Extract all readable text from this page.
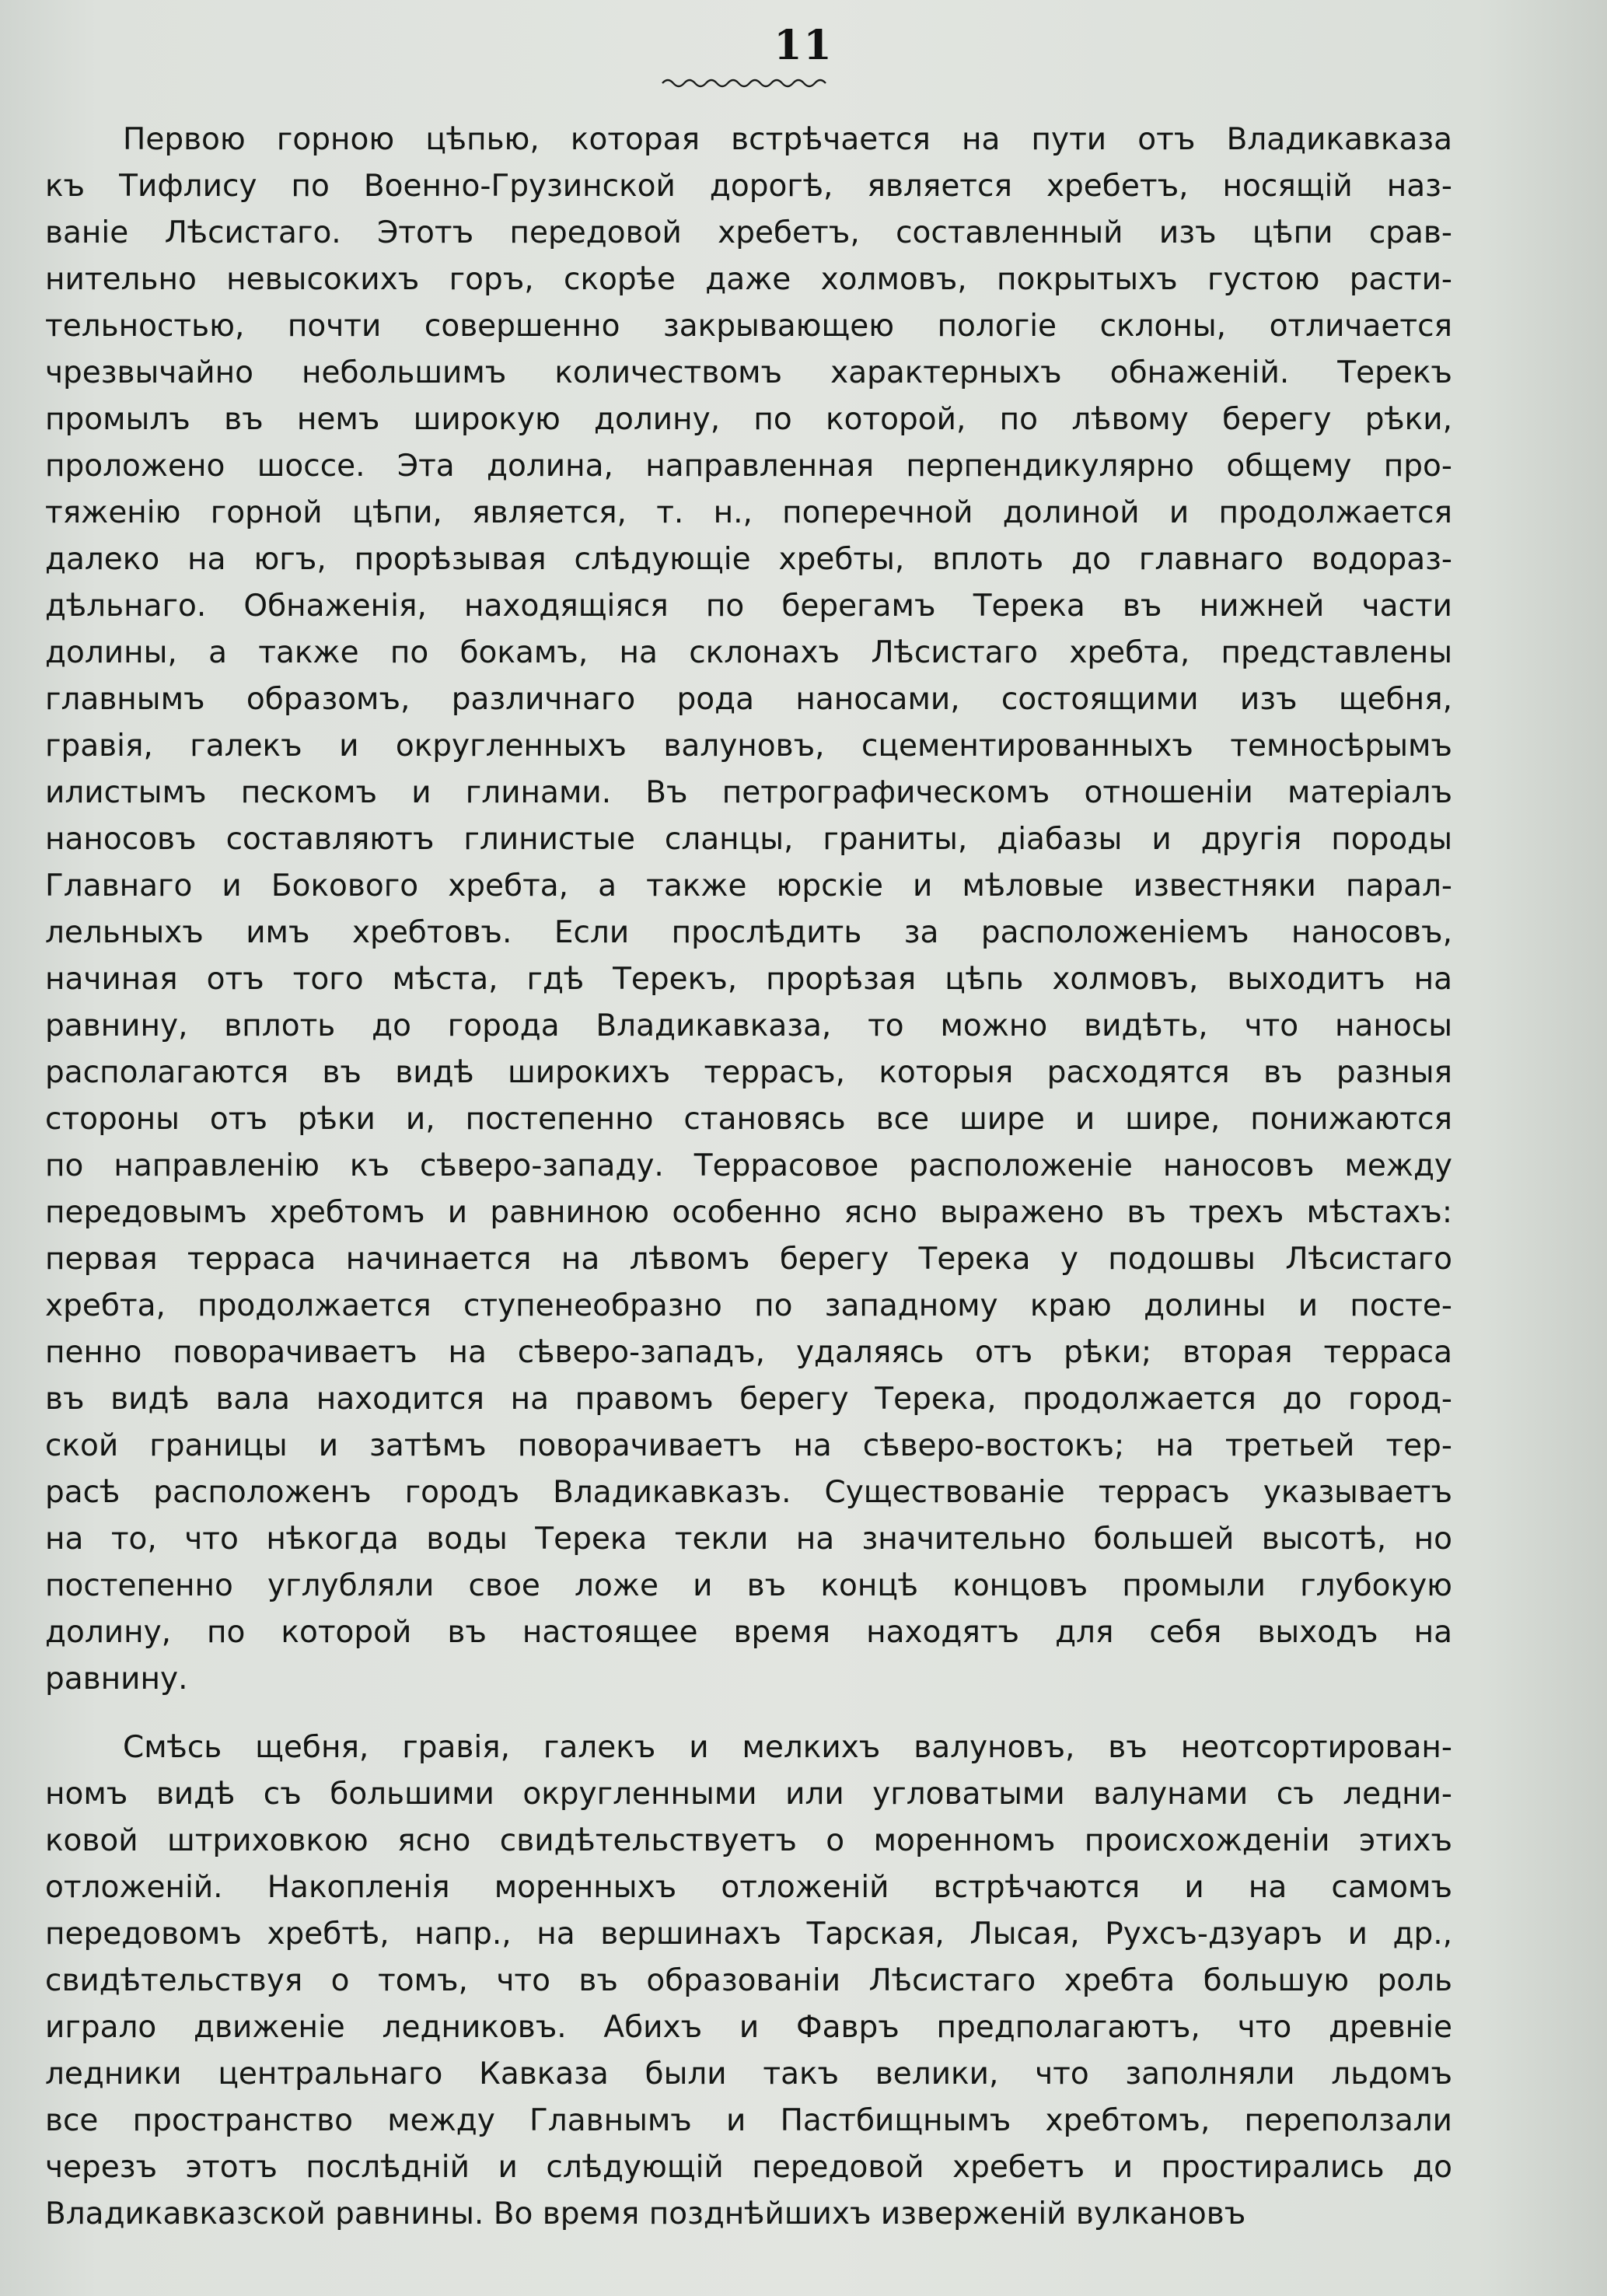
11
Первою горною цѣпью, которая встрѣчается на пути отъ Владикавказа
къ Тифлису по Военно-Грузинской дорогѣ, является хребетъ, носящій наз-
ваніе Лѣсистаго. Этотъ передовой хребетъ, составленный изъ цѣпи срав-
нительно невысокихъ горъ, скорѣе даже холмовъ, покрытыхъ густою расти-
тельностью, почти совершенно закрывающею пологіе склоны, отличается
чрезвычайно небольшимъ количествомъ характерныхъ обнаженій. Терекъ
промылъ въ немъ широкую долину, по которой, по лѣвому берегу рѣки,
проложено шоссе. Эта долина, направленная перпендикулярно общему про-
тяженію горной цѣпи, является, т. н., поперечной долиной и продолжается
далеко на югъ, прорѣзывая слѣдующіе хребты, вплоть до главнаго водораз-
дѣльнаго. Обнаженія, находящіяся по берегамъ Терека въ нижней части
долины, а также по бокамъ, на склонахъ Лѣсистаго хребта, представлены
главнымъ образомъ, различнаго рода наносами, состоящими изъ щебня,
гравія, галекъ и округленныхъ валуновъ, сцементированныхъ темносѣрымъ
илистымъ пескомъ и глинами. Въ петрографическомъ отношеніи матеріалъ
наносовъ составляютъ глинистые сланцы, граниты, діабазы и другія породы
Главнаго и Бокового хребта, а также юрскіе и мѣловые известняки парал-
лельныхъ имъ хребтовъ. Если прослѣдить за расположеніемъ наносовъ,
начиная отъ того мѣста, гдѣ Терекъ, прорѣзая цѣпь холмовъ, выходитъ на
равнину, вплоть до города Владикавказа, то можно видѣть, что наносы
располагаются въ видѣ широкихъ террасъ, которыя расходятся въ разныя
стороны отъ рѣки и, постепенно становясь все шире и шире, понижаются
по направленію къ сѣверо-западу. Террасовое расположеніе наносовъ между
передовымъ хребтомъ и равниною особенно ясно выражено въ трехъ мѣстахъ:
первая терраса начинается на лѣвомъ берегу Терека у подошвы Лѣсистаго
хребта, продолжается ступенеобразно по западному краю долины и посте-
пенно поворачиваетъ на сѣверо-западъ, удаляясь отъ рѣки; вторая терраса
въ видѣ вала находится на правомъ берегу Терека, продолжается до город-
ской границы и затѣмъ поворачиваетъ на сѣверо-востокъ; на третьей тер-
расѣ расположенъ городъ Владикавказъ. Существованіе террасъ указываетъ
на то, что нѣкогда воды Терека текли на значительно большей высотѣ, но
постепенно углубляли свое ложе и въ концѣ концовъ промыли глубокую
долину, по которой въ настоящее время находятъ для себя выходъ на
равнину.
Смѣсь щебня, гравія, галекъ и мелкихъ валуновъ, въ неотсортирован-
номъ видѣ съ большими округленными или угловатыми валунами съ ледни-
ковой штриховкою ясно свидѣтельствуетъ о моренномъ происхожденіи этихъ
отложеній. Накопленія моренныхъ отложеній встрѣчаются и на самомъ
передовомъ хребтѣ, напр., на вершинахъ Тарская, Лысая, Рухсъ-дзуаръ и др.,
свидѣтельствуя о томъ, что въ образованіи Лѣсистаго хребта большую роль
играло движеніе ледниковъ. Абихъ и Фавръ предполагаютъ, что древніе
ледники центральнаго Кавказа были такъ велики, что заполняли льдомъ
все пространство между Главнымъ и Пастбищнымъ хребтомъ, переползали
черезъ этотъ послѣдній и слѣдующій передовой хребетъ и простирались до
Владикавказской равнины. Во время позднѣйшихъ изверженій вулкановъ
